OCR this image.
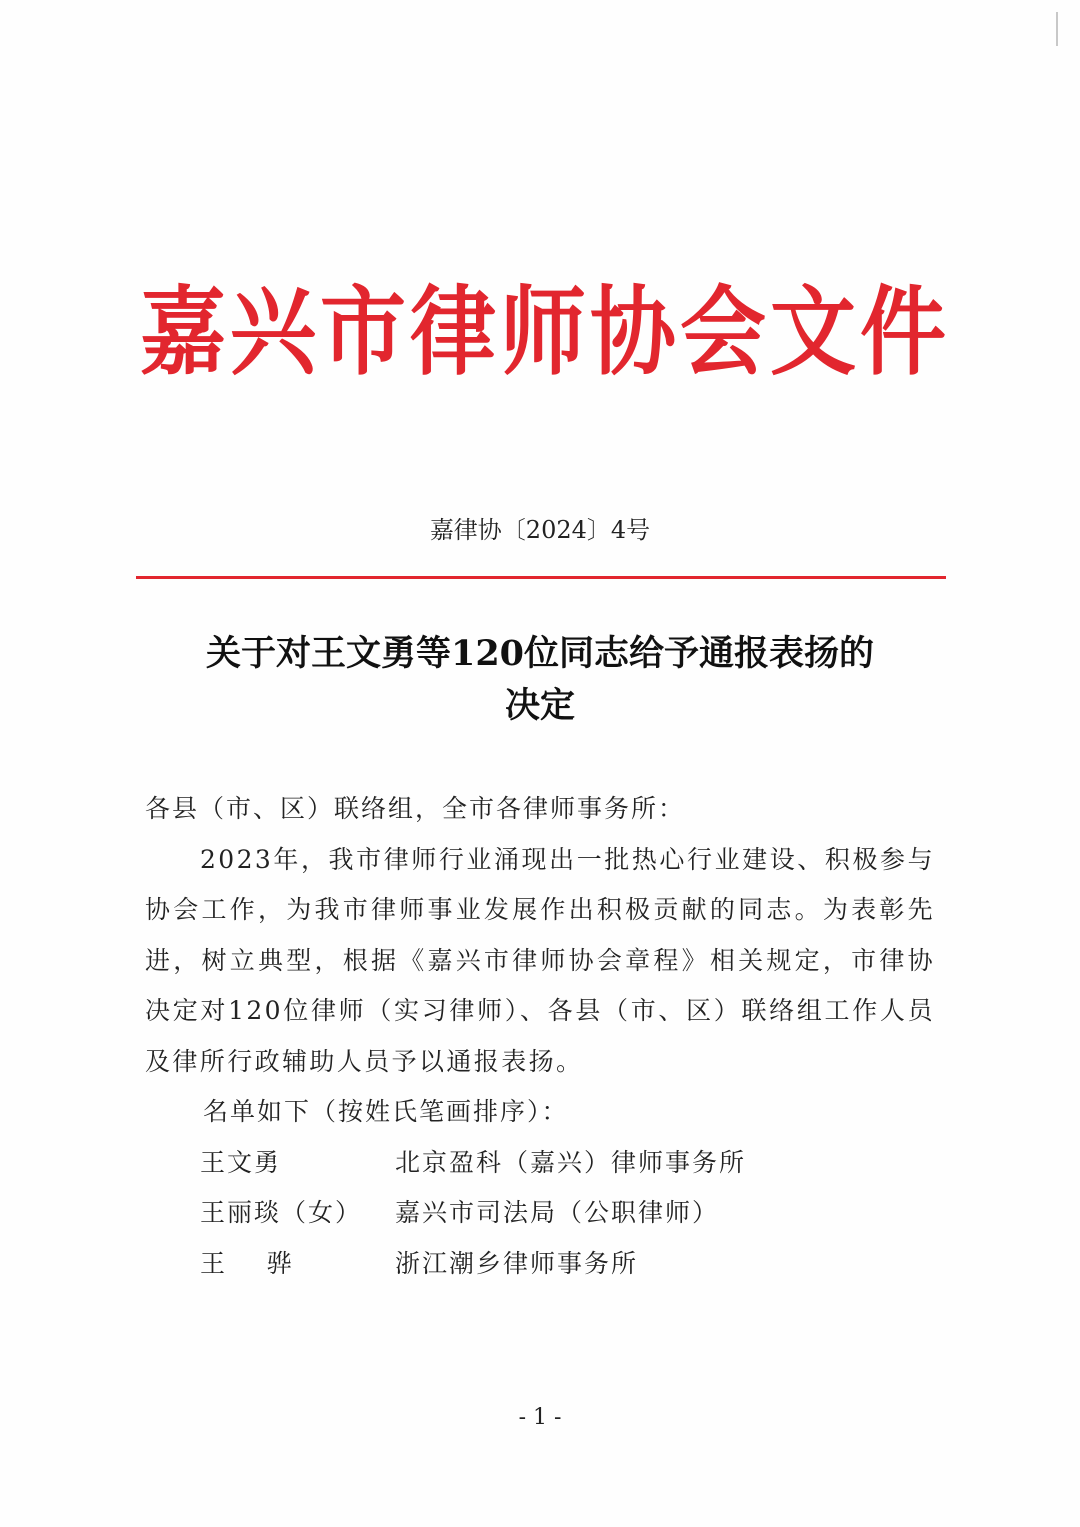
嘉兴市律师协会文件
嘉律协〔2024〕4号
关于对王文勇等120位同志给予通报表扬的
决定

各县（市、区）联络组，全市各律师事务所：

2023年，我市律师行业涌现出一批热心行业建设、积极参与协会工作，为我市律师事业发展作出积极贡献的同志。为表彰先进，树立典型，根据《嘉兴市律师协会章程》相关规定，市律协决定对120位律师（实习律师）、各县（市、区）联络组工作人员及律所行政辅助人员予以通报表扬。

名单如下（按姓氏笔画排序）：

王文勇	北京盈科（嘉兴）律师事务所
王丽琰（女）	嘉兴市司法局（公职律师）
王    骅	浙江潮乡律师事务所
- 1 -
